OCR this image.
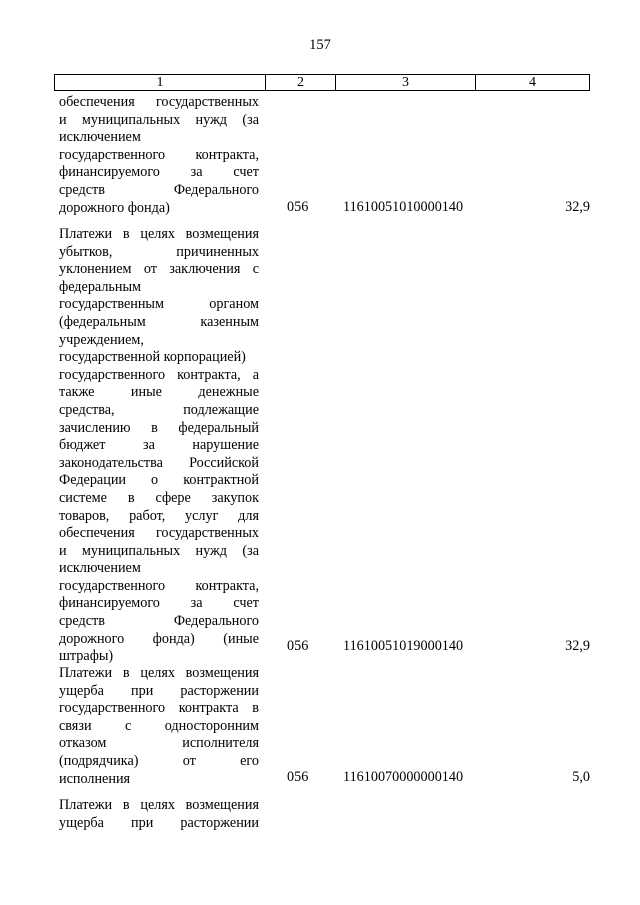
157
1	2	3	4
обеспечения государственных
и муниципальных нужд (за
исключением
государственного контракта,
финансируемого за счет
средств Федерального
дорожного фонда)	056	11610051010000140	32,9
Платежи в целях возмещения
убытков, причиненных
уклонением от заключения с
федеральным
государственным органом
(федеральным казенным
учреждением,
государственной корпорацией)
государственного контракта, а
также иные денежные
средства, подлежащие
зачислению в федеральный
бюджет за нарушение
законодательства Российской
Федерации о контрактной
системе в сфере закупок
товаров, работ, услуг для
обеспечения государственных
и муниципальных нужд (за
исключением
государственного контракта,
финансируемого за счет
средств Федерального
дорожного фонда) (иные
штрафы)
056	11610051019000140	32,9
Платежи в целях возмещения
ущерба при расторжении
государственного контракта в
связи с односторонним
отказом исполнителя
(подрядчика) от его
исполнения	056	11610070000000140	5,0
Платежи в целях возмещения
ущерба при расторжении
